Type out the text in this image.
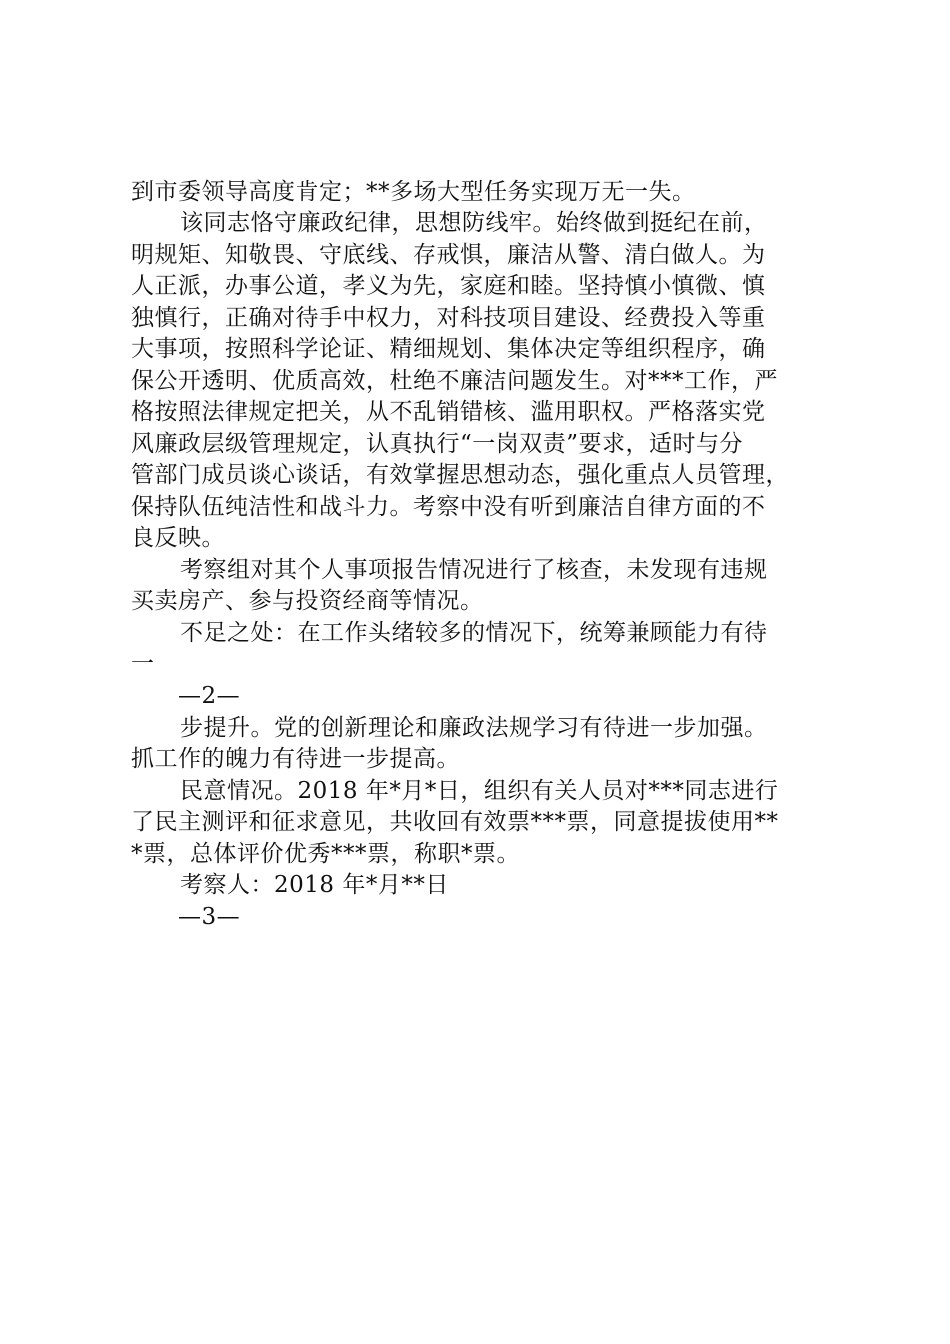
到市委领导高度肯定；**多场大型任务实现万无一失。
该同志恪守廉政纪律，思想防线牢。始终做到挺纪在前，
明规矩、知敬畏、守底线、存戒惧，廉洁从警、清白做人。为
人正派，办事公道，孝义为先，家庭和睦。坚持慎小慎微、慎
独慎行，正确对待手中权力，对科技项目建设、经费投入等重
大事项，按照科学论证、精细规划、集体决定等组织程序，确
保公开透明、优质高效，杜绝不廉洁问题发生。对***工作，严
格按照法律规定把关，从不乱销错核、滥用职权。严格落实党
风廉政层级管理规定，认真执行“一岗双责”要求，适时与分
管部门成员谈心谈话，有效掌握思想动态，强化重点人员管理，
保持队伍纯洁性和战斗力。考察中没有听到廉洁自律方面的不
良反映。
考察组对其个人事项报告情况进行了核查，未发现有违规
买卖房产、参与投资经商等情况。
不足之处：在工作头绪较多的情况下，统筹兼顾能力有待
一
—2—
步提升。党的创新理论和廉政法规学习有待进一步加强。
抓工作的魄力有待进一步提高。
民意情况。2018 年*月*日，组织有关人员对***同志进行
了民主测评和征求意见，共收回有效票***票，同意提拔使用**
*票，总体评价优秀***票，称职*票。
考察人：2018 年*月**日
—3—
